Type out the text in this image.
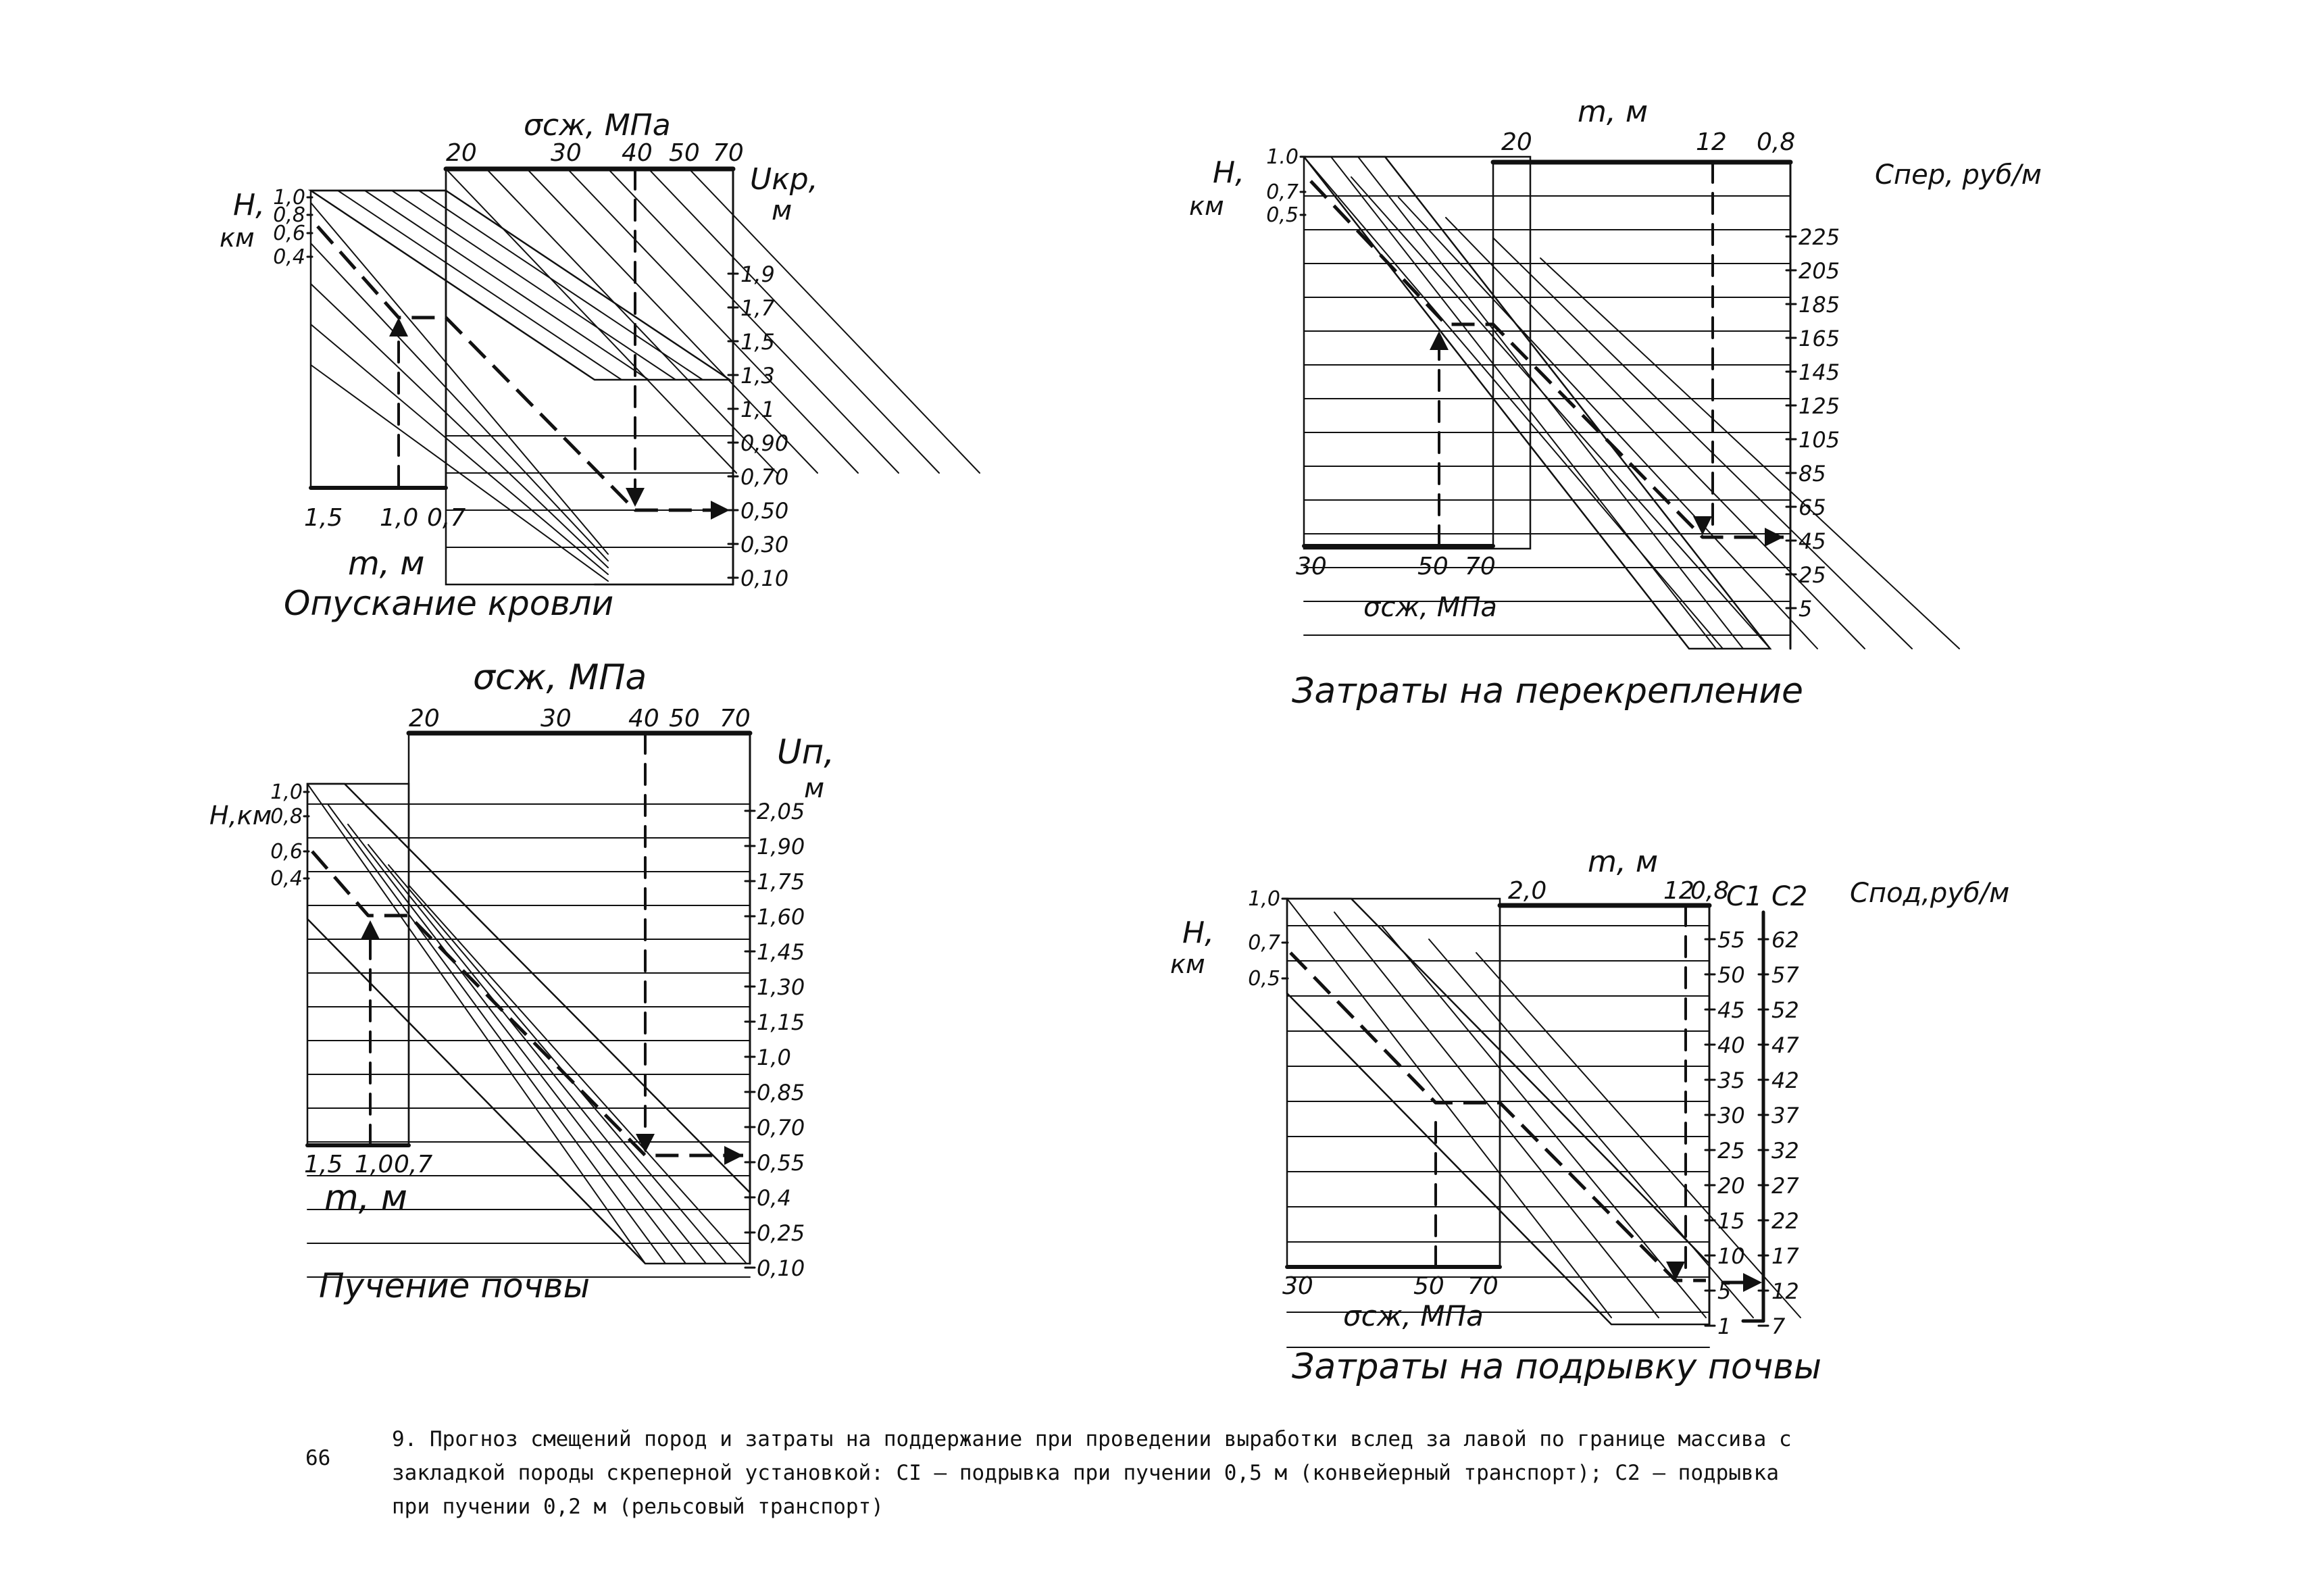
σсж, МПа
20	30 40 50 70
Uкр,
м
H,
км
1,0
0,8
0,6
0,4
1,9
1,7
1,5
1,3
1,1
0,90
0,70
0,50
0,30
0,10
1,5 1,0 0,7
m, м
Опускание кровли
m, м
20	12 0,8
Cпер, руб/м
H,
км
1.0
0,7
0,5
225
205
185
165
145
125
105
85
65
45
25
5
30	50 70
σсж, МПа
Затраты на перекрепление
σсж, МПа
20	30 40 50 70
Uп,
м
H,км
1,0
0,8
0,6
0,4
2,05
1,90
1,75
1,60
1,45
1,30
1,15
1,0
0,85
0,70
0,55
0,4
0,25
0,10
1,5 1,0 0,7
m, м
Пучение почвы
m, м
2,0	12
0,8
C1 C2 Cпод,руб/м
H,
км
1,0
0,7
0,5
55
50
45
40
35
30
25
20
15
10
5
1
62
57
52
47
42
37
32
27
22
17
12
7
30	50 70
σсж, МПа
Затраты на подрывку почвы
66
9. Прогноз смещений пород и затраты на поддержание при проведении выработки вслед за лавой по границе массива с
закладкой породы скреперной установкой: CI – подрывка при пучении 0,5 м (конвейерный транспорт); C2 – подрывка
при пучении 0,2 м (рельсовый транспорт)
